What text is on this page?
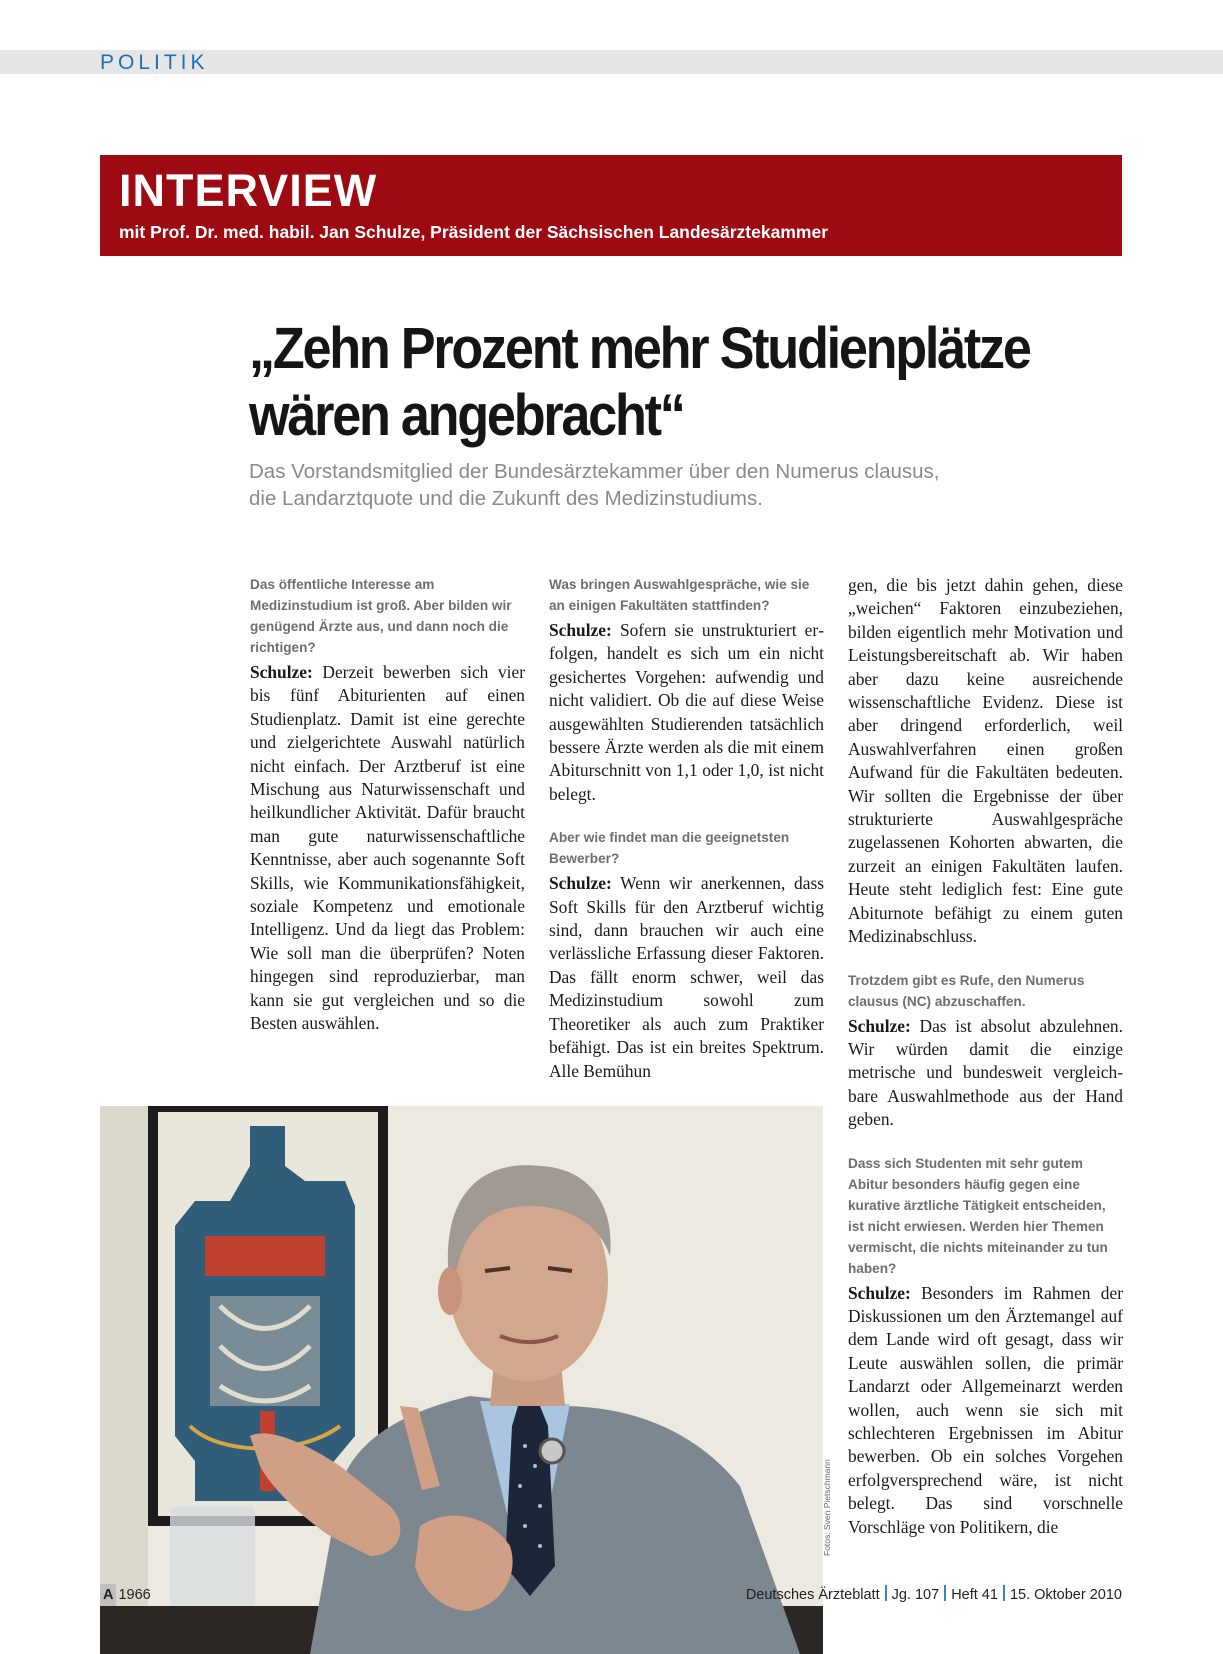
POLITIK
INTERVIEW
mit Prof. Dr. med. habil. Jan Schulze, Präsident der Sächsischen Landesärztekammer
„Zehn Prozent mehr Studienplätze
wären angebracht“
Das Vorstandsmitglied der Bundesärztekammer über den Numerus clausus,
die Landarztquote und die Zukunft des Medizinstudiums.

Das öffentliche Interesse am Medizinstudium ist groß. Aber bilden wir genügend Ärzte aus, und dann noch die richtigen?

Schulze: Derzeit bewerben sich vier bis fünf Abiturienten auf einen Studienplatz. Damit ist eine gerechte und zielgerichtete Auswahl natürlich nicht einfach. Der Arztberuf ist eine Mischung aus Naturwissenschaft und heilkundlicher Aktivität. Dafür braucht man gute naturwissenschaftliche Kenntnisse, aber auch sogenannte Soft Skills, wie Kommunikationsfähigkeit, soziale Kompetenz und emotionale Intelligenz. Und da liegt das Problem: Wie soll man die überprüfen? Noten hingegen sind reproduzierbar, man kann sie gut vergleichen und so die Besten auswählen.

Was bringen Auswahlgespräche, wie sie an einigen Fakultäten stattfinden?

Schulze: Sofern sie unstrukturiert erfolgen, handelt es sich um ein nicht gesichertes Vorgehen: aufwendig und nicht validiert. Ob die auf diese Weise ausgewählten Studierenden tatsächlich bessere Ärzte werden als die mit einem Abiturschnitt von 1,1 oder 1,0, ist nicht belegt.

Aber wie findet man die geeignetsten Bewerber?

Schulze: Wenn wir anerkennen, dass Soft Skills für den Arztberuf wichtig sind, dann brauchen wir auch eine verlässliche Erfassung dieser Faktoren. Das fällt enorm schwer, weil das Medizinstudium sowohl zum Theoretiker als auch zum Praktiker befähigt. Das ist ein breites Spektrum. Alle Bemühun

gen, die bis jetzt dahin gehen, diese „weichen“ Faktoren einzubeziehen, bilden eigentlich mehr Motivation und Leistungsbereitschaft ab. Wir haben aber dazu keine ausreichende wissenschaftliche Evidenz. Diese ist aber dringend erforderlich, weil Auswahlverfahren einen großen Aufwand für die Fakultäten bedeuten. Wir sollten die Ergebnisse der über strukturierte Auswahlgespräche zugelassenen Kohorten abwarten, die zurzeit an einigen Fakultäten laufen. Heute steht lediglich fest: Eine gute Abiturnote befähigt zu einem guten Medizinabschluss.

Trotzdem gibt es Rufe, den Numerus clausus (NC) abzuschaffen.

Schulze: Das ist absolut abzulehnen. Wir würden damit die einzige metrische und bundesweit vergleichbare Auswahlmethode aus der Hand geben.

Dass sich Studenten mit sehr gutem Abitur besonders häufig gegen eine kurative ärztliche Tätigkeit entscheiden, ist nicht erwiesen. Werden hier Themen vermischt, die nichts miteinander zu tun haben?

Schulze: Besonders im Rahmen der Diskussionen um den Ärztemangel auf dem Lande wird oft gesagt, dass wir Leute auswählen sollen, die primär Landarzt oder Allgemeinarzt werden wollen, auch wenn sie sich mit schlechteren Ergebnissen im Abitur bewerben. Ob ein solches Vorgehen erfolgversprechend wäre, ist nicht belegt. Das sind vorschnelle Vorschläge von Politikern, die

Fotos: Sven Pietschmann
A 1966	Deutsches Ärzteblatt Jg. 107 Heft 41 15. Oktober 2010
